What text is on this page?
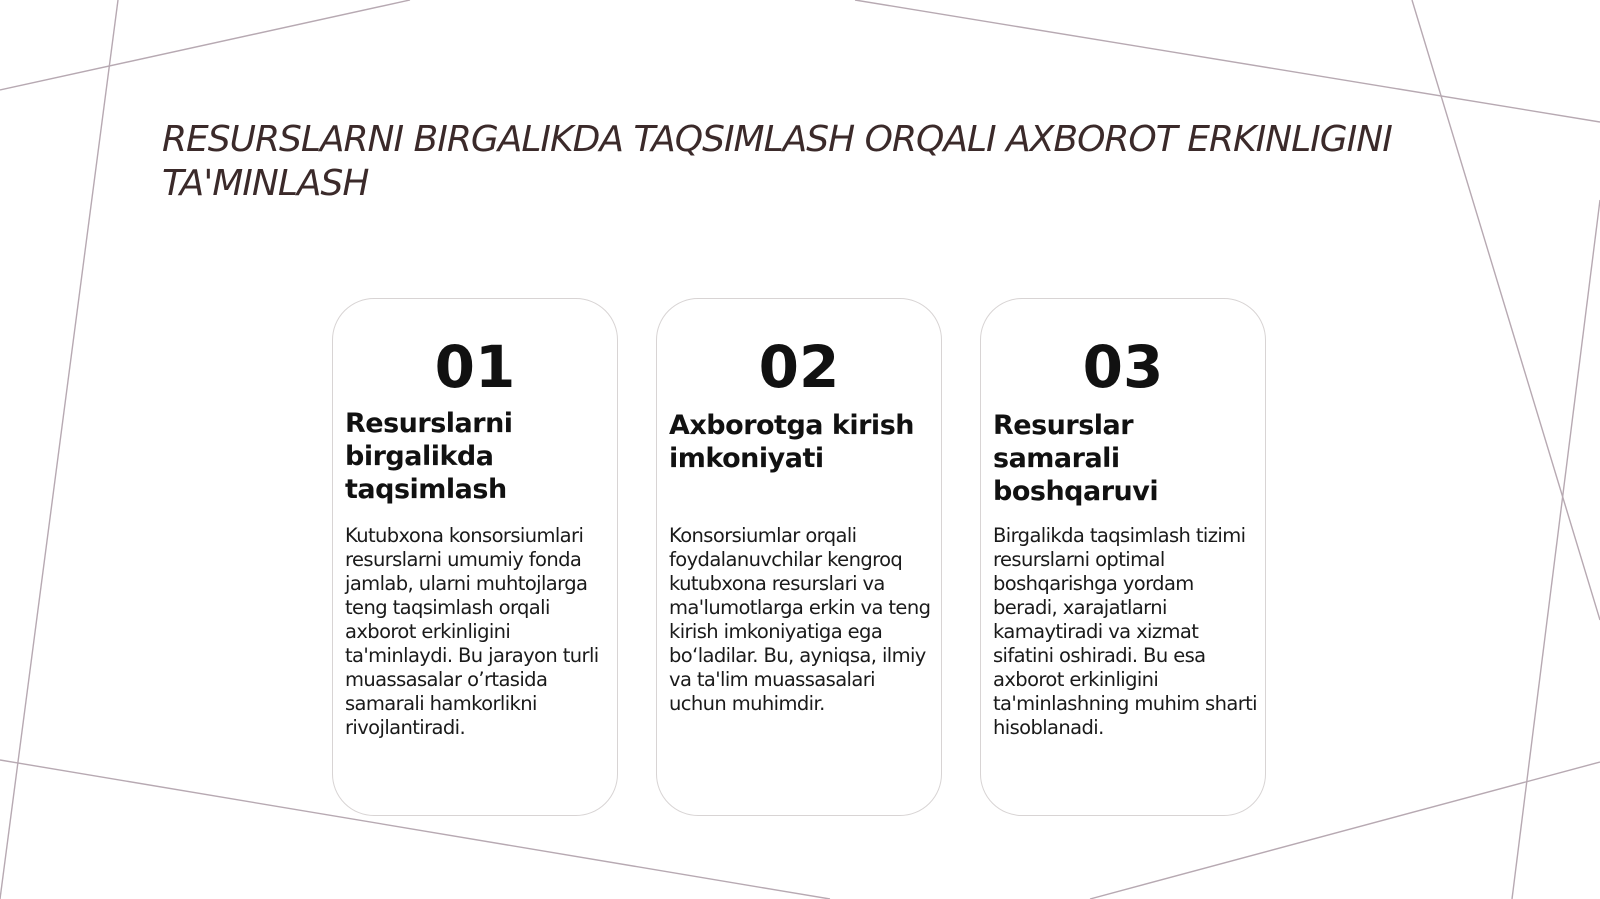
RESURSLARNI BIRGALIKDA TAQSIMLASH ORQALI AXBOROT ERKINLIGINI TA'MINLASH
01
Resurslarni birgalikda taqsimlash

Kutubxona konsorsiumlari resurslarni umumiy fonda jamlab, ularni muhtojlarga teng taqsimlash orqali axborot erkinligini ta'minlaydi. Bu jarayon turli muassasalar o’rtasida samarali hamkorlikni rivojlantiradi.

02
Axborotga kirish imkoniyati

Konsorsiumlar orqali foydalanuvchilar kengroq kutubxona resurslari va ma'lumotlarga erkin va teng kirish imkoniyatiga ega bo‘ladilar. Bu, ayniqsa, ilmiy va ta'lim muassasalari uchun muhimdir.

03
Resurslar samarali boshqaruvi

Birgalikda taqsimlash tizimi resurslarni optimal boshqarishga yordam beradi, xarajatlarni kamaytiradi va xizmat sifatini oshiradi. Bu esa axborot erkinligini ta'minlashning muhim sharti hisoblanadi.
